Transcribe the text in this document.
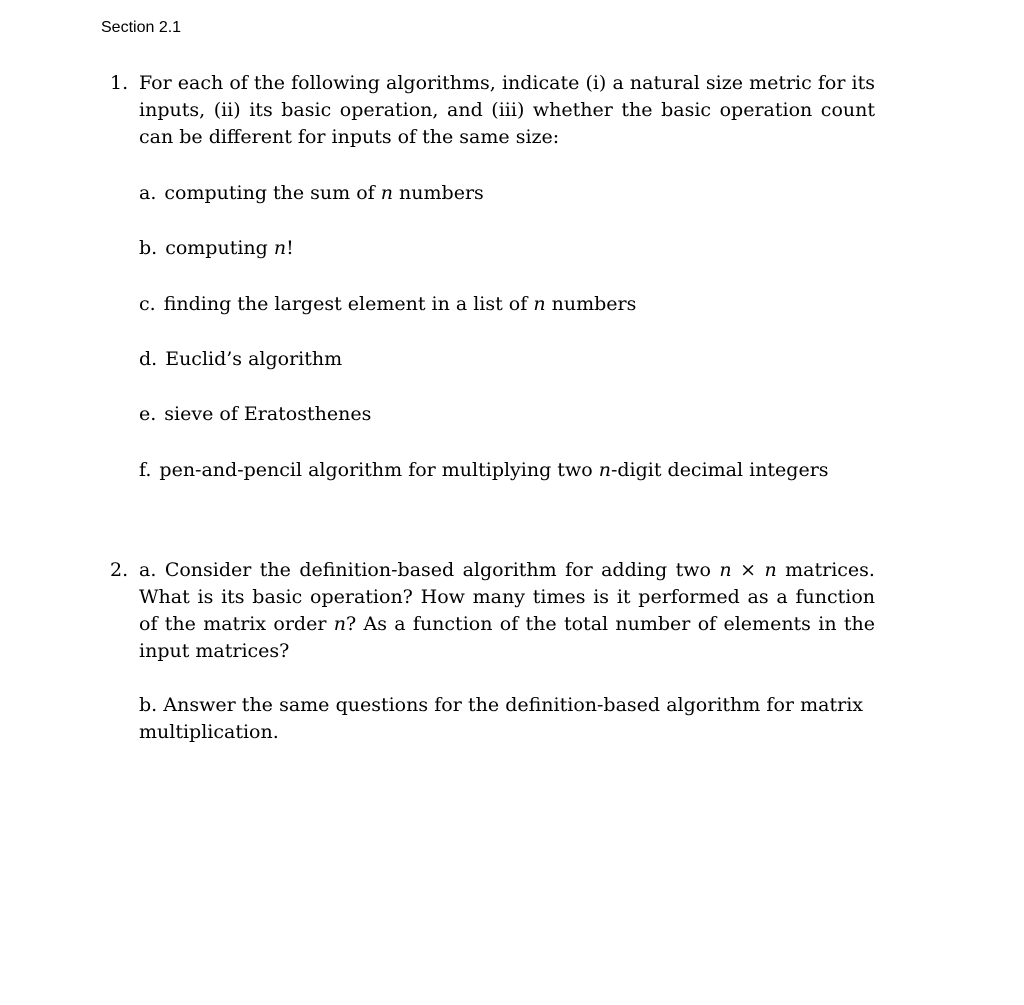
Section 2.1
1. For each of the following algorithms, indicate (i) a natural size metric for its inputs, (ii) its basic operation, and (iii) whether the basic operation count can be different for inputs of the same size:
a. computing the sum of n numbers
b. computing n!
c. finding the largest element in a list of n numbers
d. Euclid’s algorithm
e. sieve of Eratosthenes
f. pen-and-pencil algorithm for multiplying two n-digit decimal integers
2. a. Consider the definition-based algorithm for adding two n × n matrices. What is its basic operation? How many times is it performed as a function of the matrix order n? As a function of the total number of elements in the input matrices?
b. Answer the same questions for the definition-based algorithm for matrix multiplication.
